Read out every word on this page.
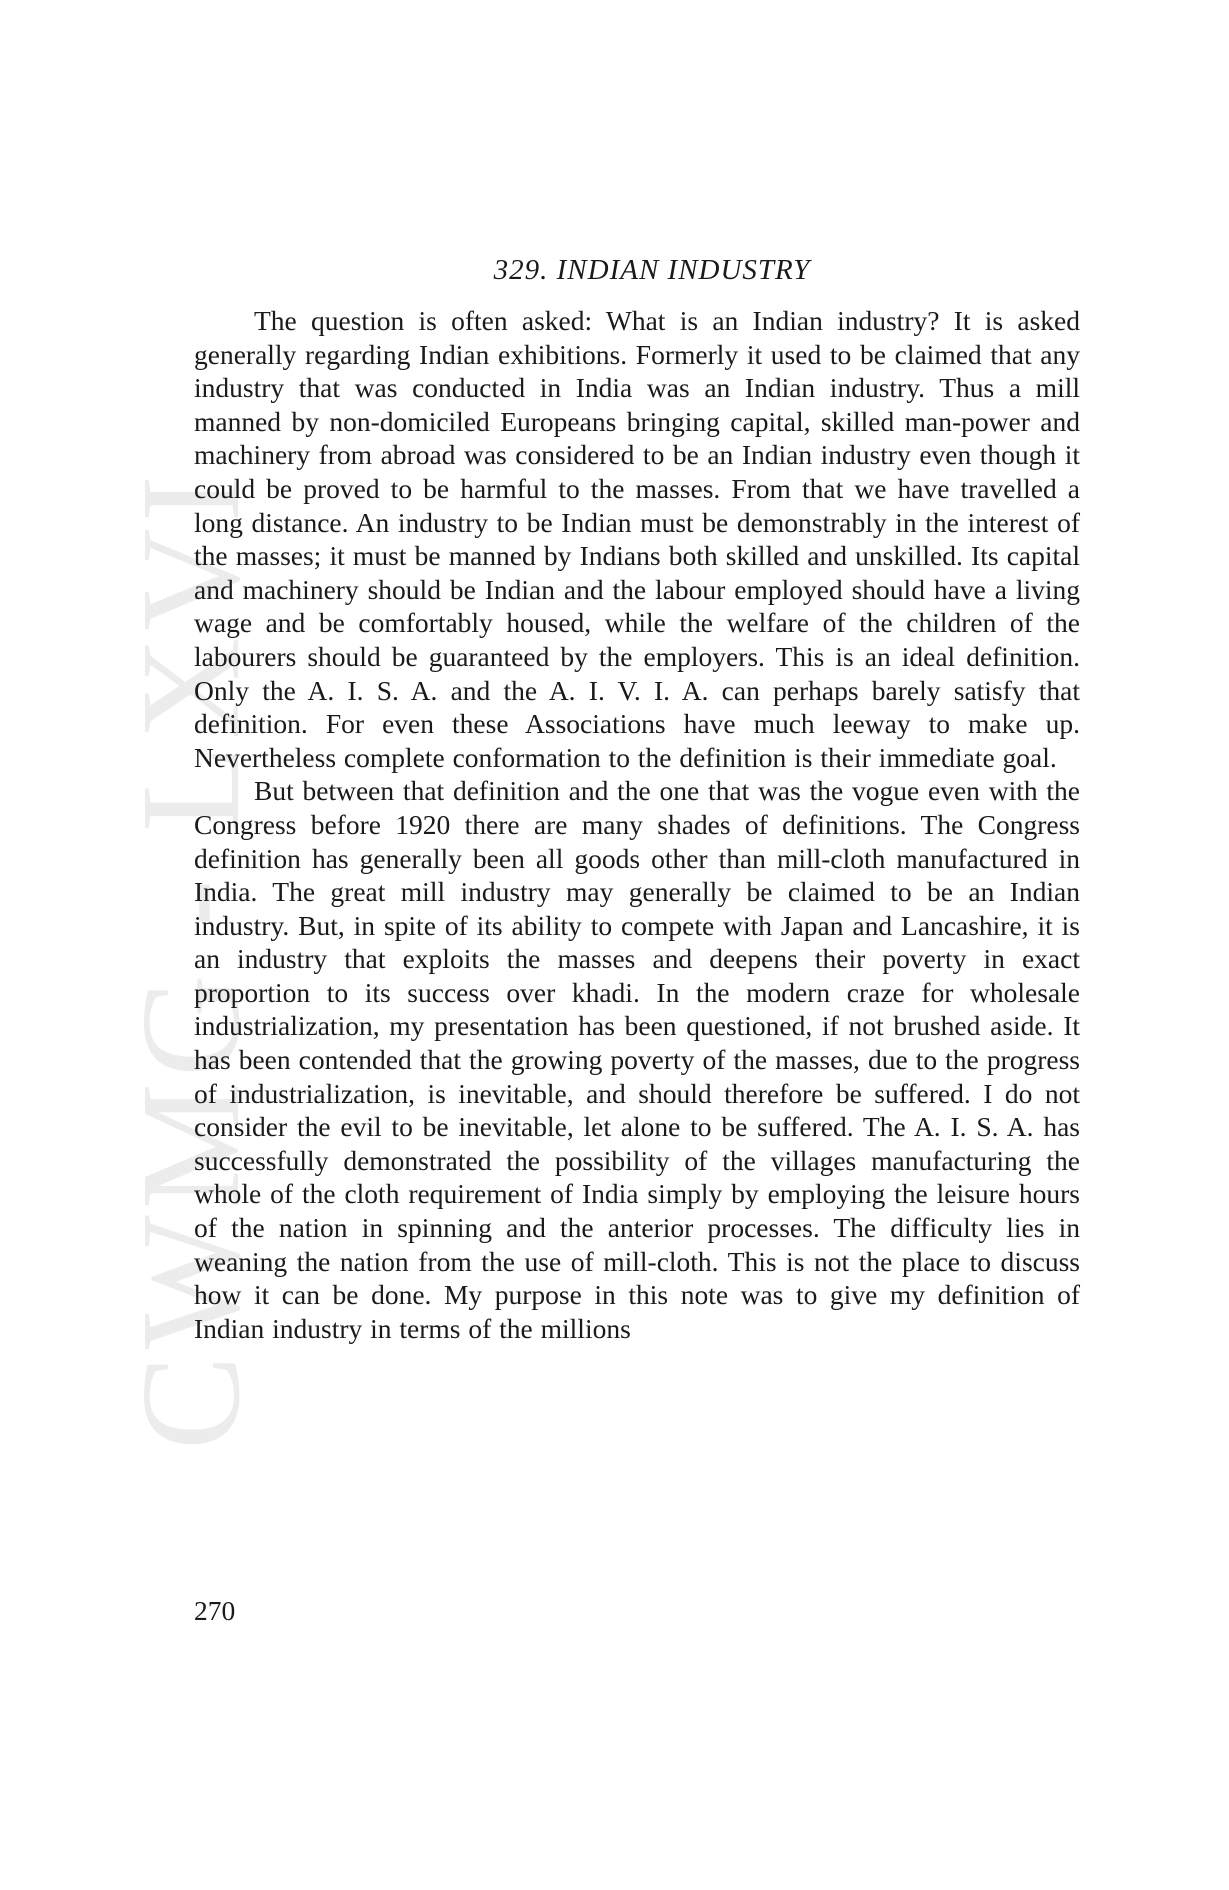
CWMG - LXVI
329. INDIAN INDUSTRY

The question is often asked: What is an Indian industry? It is asked generally regarding Indian exhibitions. Formerly it used to be claimed that any industry that was conducted in India was an Indian industry. Thus a mill manned by non-domiciled Europeans bringing capital, skilled man-power and machinery from abroad was considered to be an Indian industry even though it could be proved to be harmful to the masses. From that we have travelled a long distance. An industry to be Indian must be demonstrably in the interest of the masses; it must be manned by Indians both skilled and unskilled. Its capital and machinery should be Indian and the labour employed should have a living wage and be comfortably housed, while the welfare of the children of the labourers should be guaranteed by the employers. This is an ideal definition. Only the A. I. S. A. and the A. I. V. I. A. can perhaps barely satisfy that definition. For even these Associations have much leeway to make up. Nevertheless complete conformation to the definition is their immediate goal.

But between that definition and the one that was the vogue even with the Congress before 1920 there are many shades of definitions. The Congress definition has generally been all goods other than mill-cloth manufactured in India. The great mill industry may generally be claimed to be an Indian industry. But, in spite of its ability to compete with Japan and Lancashire, it is an industry that exploits the masses and deepens their poverty in exact proportion to its success over khadi. In the modern craze for wholesale industrialization, my presentation has been questioned, if not brushed aside. It has been contended that the growing poverty of the masses, due to the progress of industrialization, is inevitable, and should therefore be suffered. I do not consider the evil to be inevitable, let alone to be suffered. The A. I. S. A. has successfully demonstrated the possibility of the villages manufacturing the whole of the cloth requirement of India simply by employing the leisure hours of the nation in spinning and the anterior processes. The difficulty lies in weaning the nation from the use of mill-cloth. This is not the place to discuss how it can be done. My purpose in this note was to give my definition of Indian industry in terms of the millions

270
